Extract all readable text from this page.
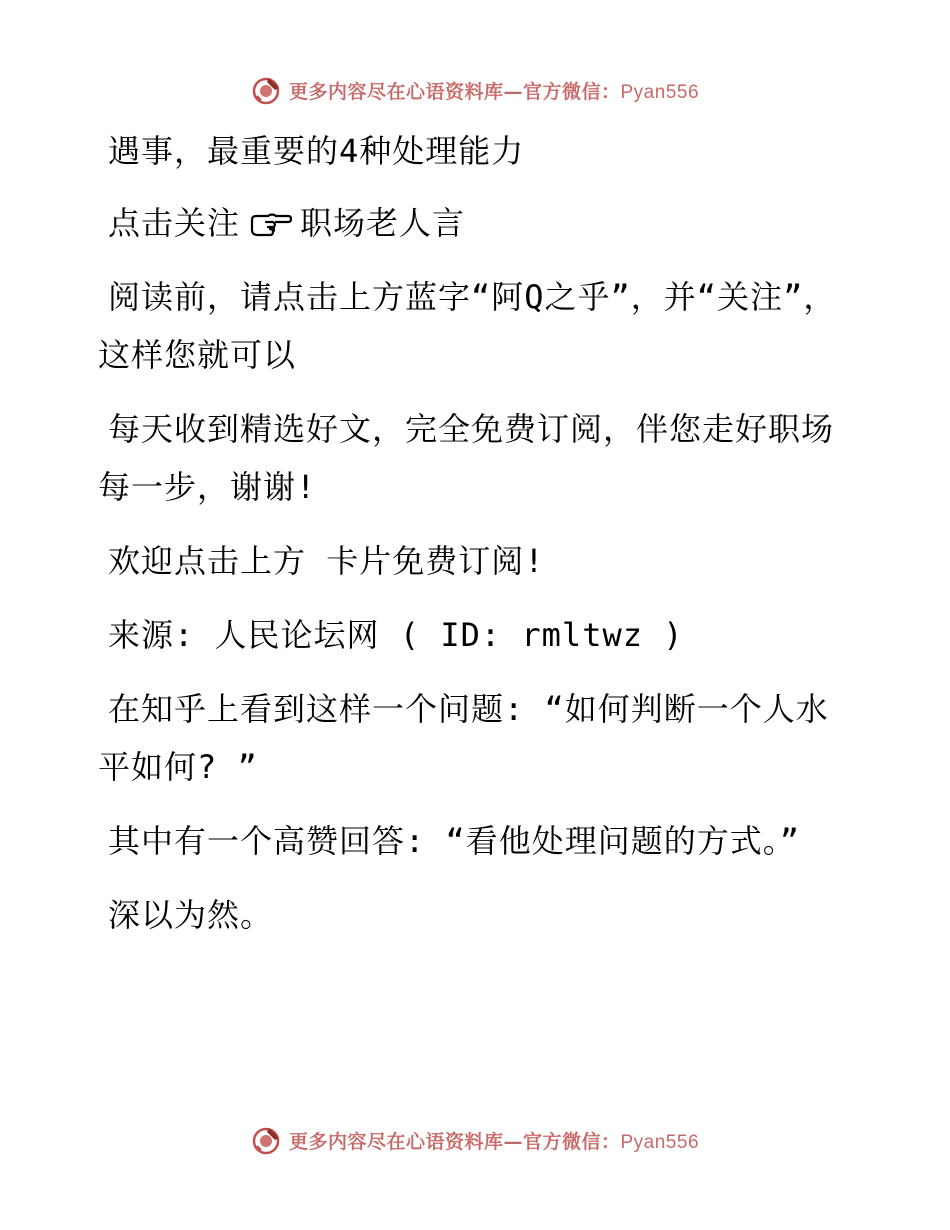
更多内容尽在心语资料库—官方微信：Pyan556

遇事，最重要的4种处理能力

点击关注 职场老人言

阅读前，请点击上方蓝字“阿Q之乎”，并“关注”，这样您就可以

每天收到精选好文，完全免费订阅，伴您走好职场每一步，谢谢!

欢迎点击上方 卡片免费订阅!

来源: 人民论坛网 ( ID: rmltwz )

在知乎上看到这样一个问题: “如何判断一个人水平如何? ”

其中有一个高赞回答: “看他处理问题的方式。”

深以为然。

更多内容尽在心语资料库—官方微信：Pyan556
